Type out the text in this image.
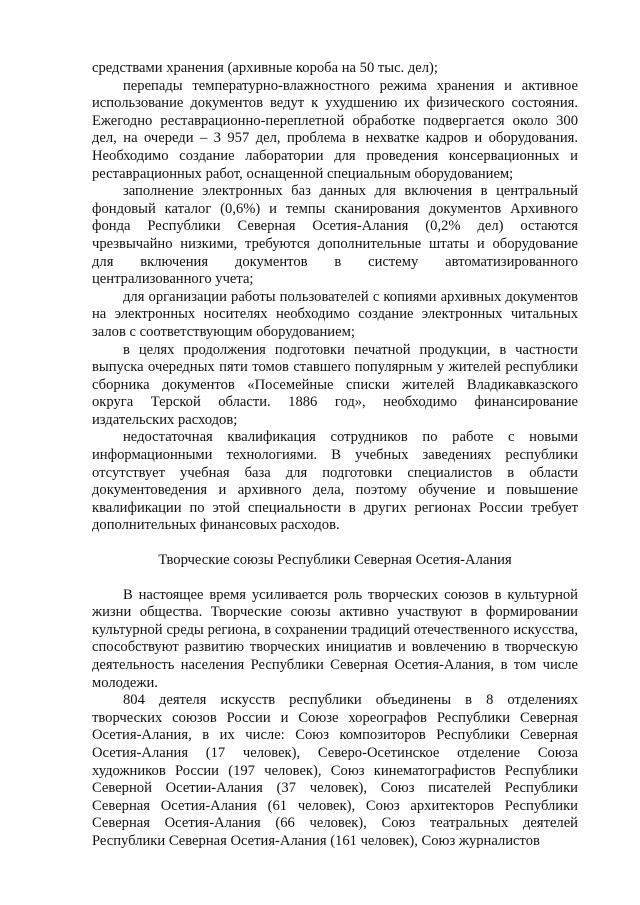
средствами хранения (архивные короба на 50 тыс. дел);

перепады температурно-влажностного режима хранения и активное использование документов ведут к ухудшению их физического состояния. Ежегодно реставрационно-переплетной обработке подвергается около 300 дел, на очереди – 3 957 дел, проблема в нехватке кадров и оборудования. Необходимо создание лаборатории для проведения консервационных и реставрационных работ, оснащенной специальным оборудованием;

заполнение электронных баз данных для включения в центральный фондовый каталог (0,6%) и темпы сканирования документов Архивного фонда Республики Северная Осетия-Алания (0,2% дел) остаются чрезвычайно низкими, требуются дополнительные штаты и оборудование для включения документов в систему автоматизированного централизованного учета;

для организации работы пользователей с копиями архивных документов на электронных носителях необходимо создание электронных читальных залов с соответствующим оборудованием;

в целях продолжения подготовки печатной продукции, в частности выпуска очередных пяти томов ставшего популярным у жителей республики сборника документов «Посемейные списки жителей Владикавказского округа Терской области. 1886 год», необходимо финансирование издательских расходов;

недостаточная квалификация сотрудников по работе с новыми информационными технологиями. В учебных заведениях республики отсутствует учебная база для подготовки специалистов в области документоведения и архивного дела, поэтому обучение и повышение квалификации по этой специальности в других регионах России требует дополнительных финансовых расходов.

Творческие союзы Республики Северная Осетия-Алания

В настоящее время усиливается роль творческих союзов в культурной жизни общества. Творческие союзы активно участвуют в формировании культурной среды региона, в сохранении традиций отечественного искусства, способствуют развитию творческих инициатив и вовлечению в творческую деятельность населения Республики Северная Осетия-Алания, в том числе молодежи.

804 деятеля искусств республики объединены в 8 отделениях творческих союзов России и Союзе хореографов Республики Северная Осетия-Алания, в их числе: Союз композиторов Республики Северная Осетия-Алания (17 человек), Северо-Осетинское отделение Союза художников России (197 человек), Союз кинематографистов Республики Северной Осетии-Алания (37 человек), Союз писателей Республики Северная Осетия-Алания (61 человек), Союз архитекторов Республики Северная Осетия-Алания (66 человек), Союз театральных деятелей Республики Северная Осетия-Алания (161 человек), Союз журналистов
